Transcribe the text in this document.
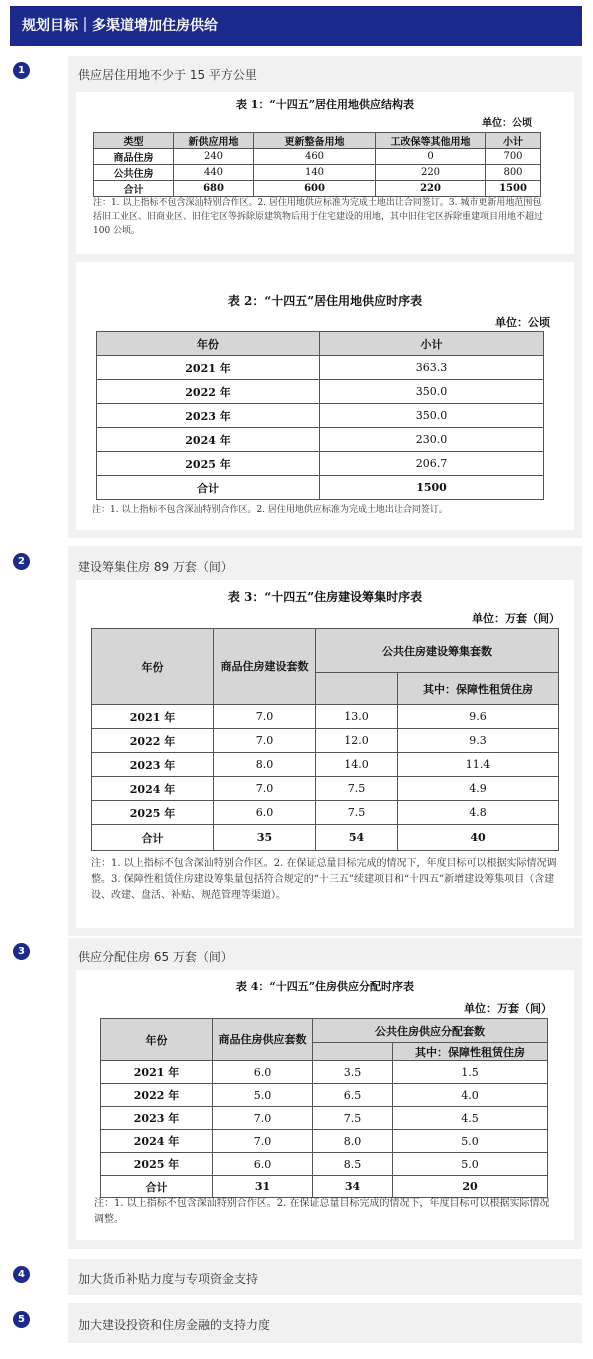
规划目标｜多渠道增加住房供给
1	供应居住用地不少于 15 平方公里
表 1：“十四五”居住用地供应结构表
单位：公顷
类型	新供应用地	更新整备用地	工改保等其他用地	小计
商品住房	240	460	0	700
公共住房	440	140	220	800
合计	680	600	220	1500
注：1. 以上指标不包含深汕特别合作区。2. 居住用地供应标准为完成土地出让合同签订。3. 城市更新用地范围包括旧工业区、旧商业区、旧住宅区等拆除原建筑物后用于住宅建设的用地，其中旧住宅区拆除重建项目用地不超过 100 公顷。
表 2：“十四五”居住用地供应时序表
单位：公顷
年份	小计
2021 年	363.3
2022 年	350.0
2023 年	350.0
2024 年	230.0
2025 年	206.7
合计	1500
注：1. 以上指标不包含深汕特别合作区。2. 居住用地供应标准为完成土地出让合同签订。
2	建设筹集住房 89 万套（间）
表 3：“十四五”住房建设筹集时序表
单位：万套（间）
年份	商品住房建设套数	公共住房建设筹集套数	
			其中：保障性租赁住房
2021 年	7.0	13.0	9.6
2022 年	7.0	12.0	9.3
2023 年	8.0	14.0	11.4
2024 年	7.0	7.5	4.9
2025 年	6.0	7.5	4.8
合计	35	54	40
注：1. 以上指标不包含深汕特别合作区。2. 在保证总量目标完成的情况下，年度目标可以根据实际情况调整。3. 保障性租赁住房建设筹集量包括符合规定的“十三五”续建项目和“十四五”新增建设筹集项目（含建设、改建、盘活、补贴、规范管理等渠道）。
3	供应分配住房 65 万套（间）
表 4：“十四五”住房供应分配时序表
单位：万套（间）
年份	商品住房供应套数	公共住房供应分配套数	
			其中：保障性租赁住房
2021 年	6.0	3.5	1.5
2022 年	5.0	6.5	4.0
2023 年	7.0	7.5	4.5
2024 年	7.0	8.0	5.0
2025 年	6.0	8.5	5.0
合计	31	34	20
注：1. 以上指标不包含深汕特别合作区。2. 在保证总量目标完成的情况下，年度目标可以根据实际情况调整。
4	加大货币补贴力度与专项资金支持
5	加大建设投资和住房金融的支持力度
